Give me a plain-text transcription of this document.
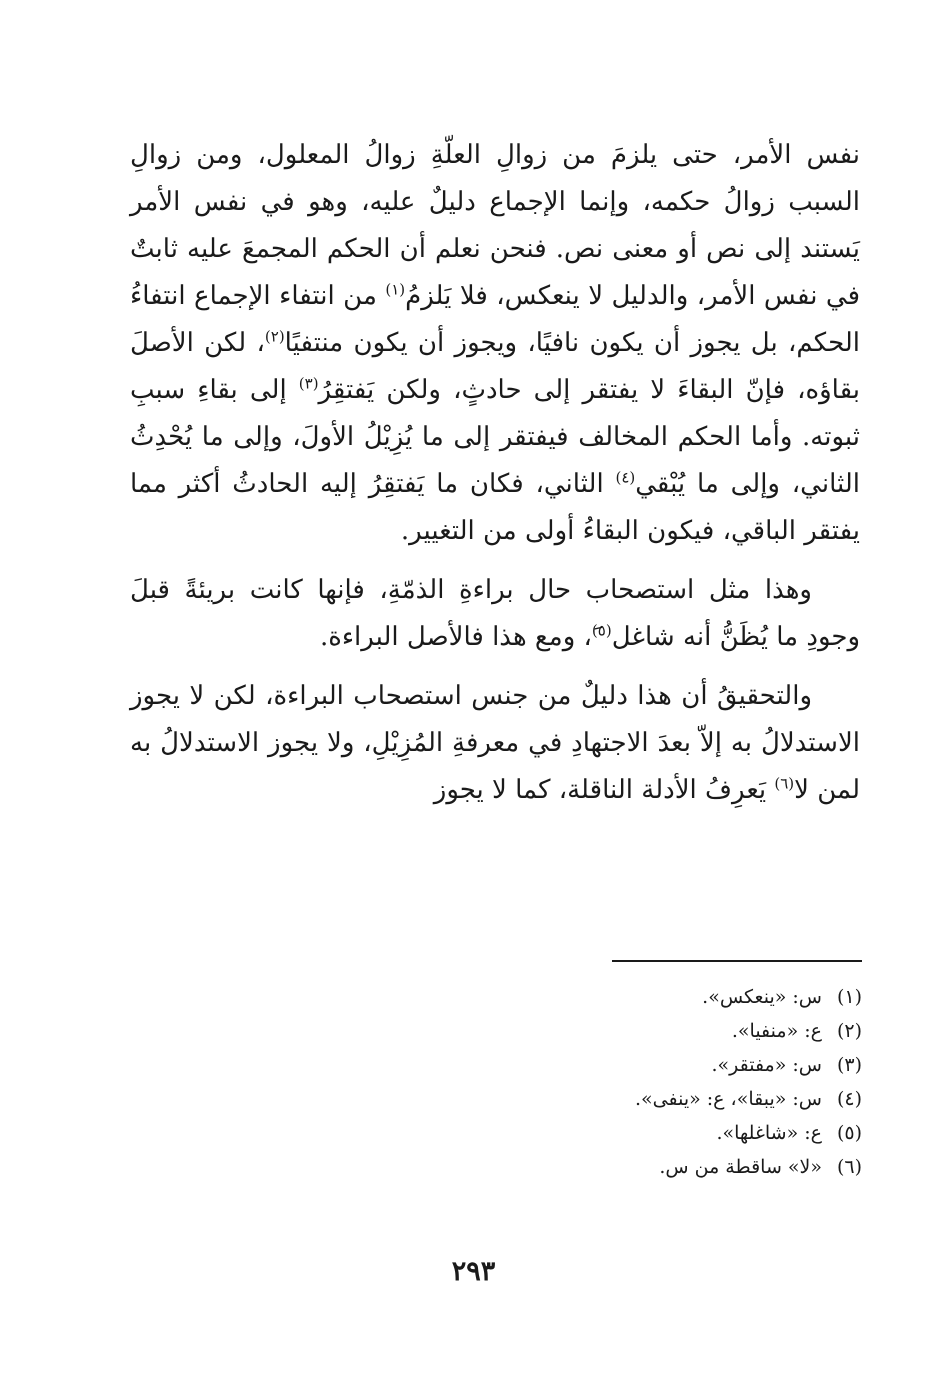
نفس الأمر، حتى يلزمَ من زوالِ العلّةِ زوالُ المعلول، ومن زوالِ السبب زوالُ حكمه، وإنما الإجماع دليلٌ عليه، وهو في نفس الأمر يَستند إلى نص أو معنى نص. فنحن نعلم أن الحكم المجمعَ عليه ثابتٌ في نفس الأمر، والدليل لا ينعكس، فلا يَلزمُ$^{(١)}$ من انتفاء الإجماع انتفاءُ الحكم، بل يجوز أن يكون نافيًا، ويجوز أن يكون منتفيًا$^{(٢)}$، لكن الأصلَ بقاؤه، فإنّ البقاءَ لا يفتقر إلى حادثٍ، ولكن يَفتقِرُ$^{(٣)}$ إلى بقاءِ سببِ ثبوته. وأما الحكم المخالف فيفتقر إلى ما يُزِيْلُ الأولَ، وإلى ما يُحْدِثُ الثاني، وإلى ما يُبْقي$^{(٤)}$ الثاني، فكان ما يَفتقِرُ إليه الحادثُ أكثر مما يفتقر الباقي، فيكون البقاءُ أولى من التغيير.

وهذا مثل استصحاب حال براءةِ الذمّةِ، فإنها كانت بريئةً قبلَ وجودِ ما يُظَنُّ أنه شاغل$^{(٥)}$َ، ومع هذا فالأصل البراءة.

والتحقيقُ أن هذا دليلٌ من جنس استصحاب البراءة، لكن لا يجوز الاستدلالُ به إلاّ بعدَ الاجتهادِ في معرفةِ المُزِيْلِ، ولا يجوز الاستدلالُ به لمن لا$^{(٦)}$ يَعرِفُ الأدلة الناقلة، كما لا يجوز

(١)
س: «ينعكس».
(٢)
ع: «منفيا».
(٣)
س: «مفتقر».
(٤)
س: «يبقا»، ع: «ينفى».
(٥)
ع: «شاغلها».
(٦)
«لا» ساقطة من س.
٢٩٣
